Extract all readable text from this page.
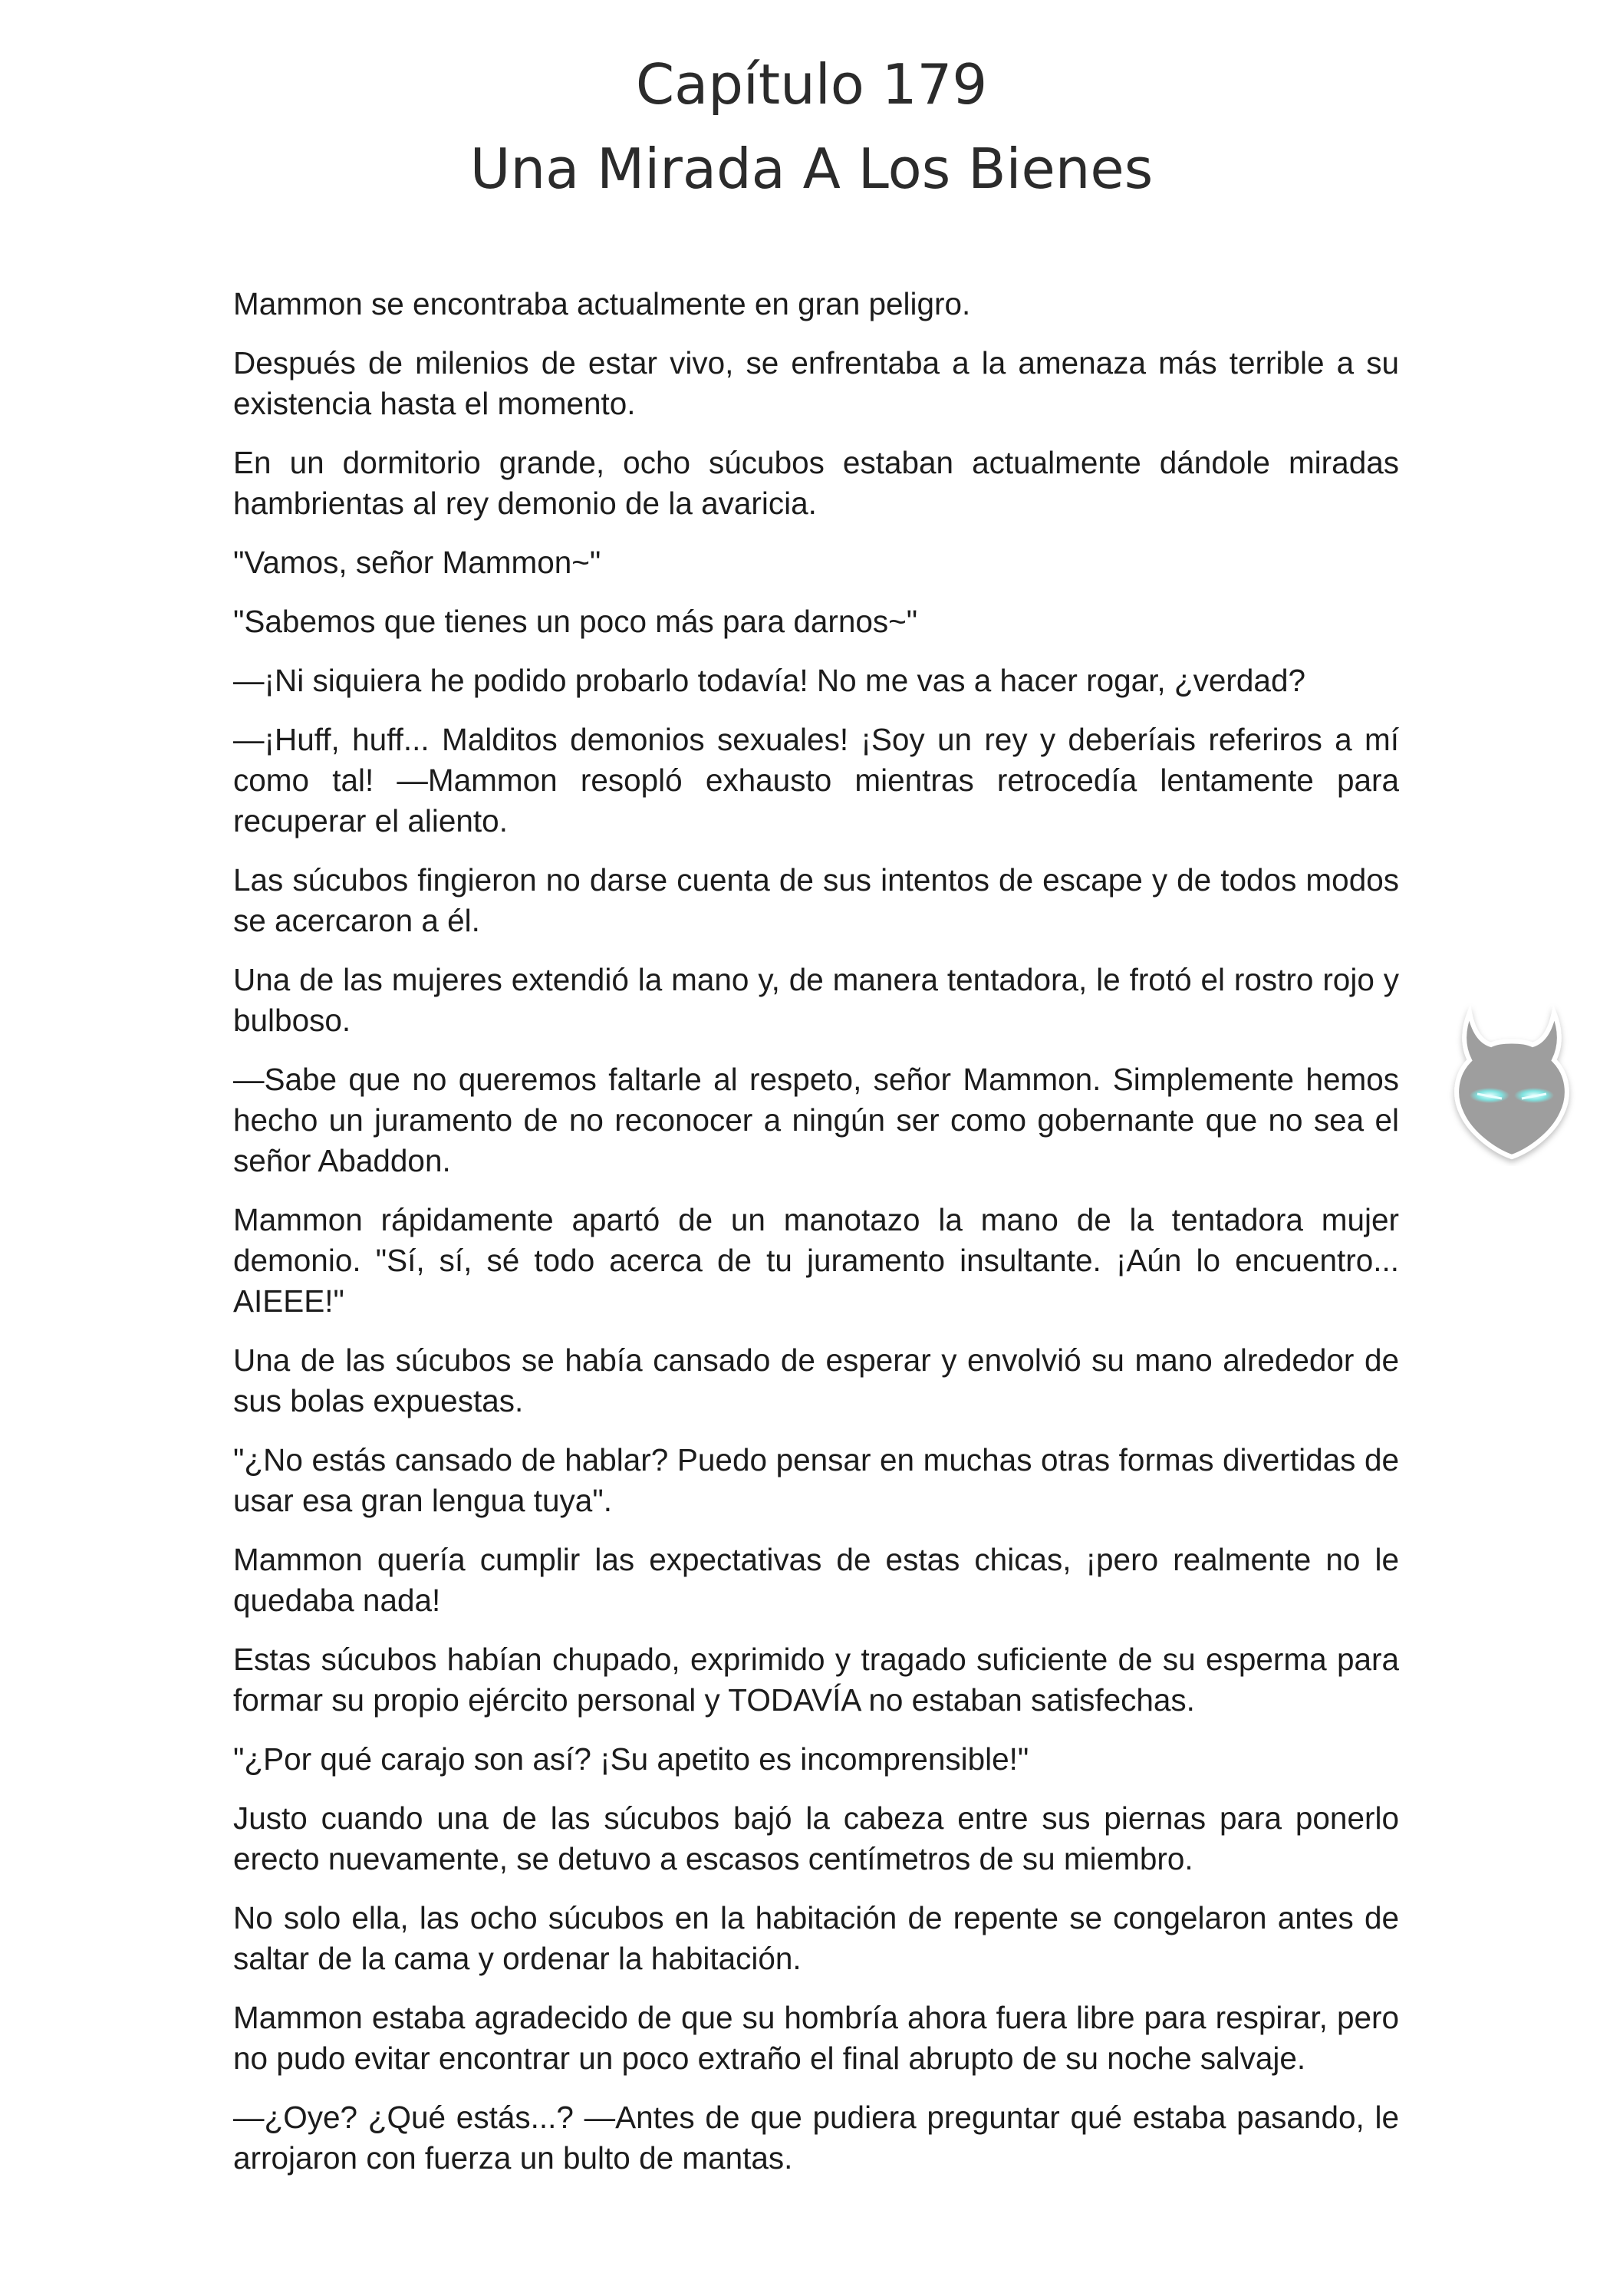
Capítulo 179
Una Mirada A Los Bienes

Mammon se encontraba actualmente en gran peligro.

Después de milenios de estar vivo, se enfrentaba a la amenaza más terrible a su existencia hasta el momento.

En un dormitorio grande, ocho súcubos estaban actualmente dándole miradas hambrientas al rey demonio de la avaricia.

"Vamos, señor Mammon~"

"Sabemos que tienes un poco más para darnos~"

—¡Ni siquiera he podido probarlo todavía! No me vas a hacer rogar, ¿verdad?

—¡Huff, huff... Malditos demonios sexuales! ¡Soy un rey y deberíais referiros a mí como tal! —Mammon resopló exhausto mientras retrocedía lentamente para recuperar el aliento.

Las súcubos fingieron no darse cuenta de sus intentos de escape y de todos modos se acercaron a él.

Una de las mujeres extendió la mano y, de manera tentadora, le frotó el rostro rojo y bulboso.

—Sabe que no queremos faltarle al respeto, señor Mammon. Simplemente hemos hecho un juramento de no reconocer a ningún ser como gobernante que no sea el señor Abaddon.

Mammon rápidamente apartó de un manotazo la mano de la tentadora mujer demonio. "Sí, sí, sé todo acerca de tu juramento insultante. ¡Aún lo encuentro... AIEEE!"

Una de las súcubos se había cansado de esperar y envolvió su mano alrededor de sus bolas expuestas.

"¿No estás cansado de hablar? Puedo pensar en muchas otras formas divertidas de usar esa gran lengua tuya".

Mammon quería cumplir las expectativas de estas chicas, ¡pero realmente no le quedaba nada!

Estas súcubos habían chupado, exprimido y tragado suficiente de su esperma para formar su propio ejército personal y TODAVÍA no estaban satisfechas.

"¿Por qué carajo son así? ¡Su apetito es incomprensible!"

Justo cuando una de las súcubos bajó la cabeza entre sus piernas para ponerlo erecto nuevamente, se detuvo a escasos centímetros de su miembro.

No solo ella, las ocho súcubos en la habitación de repente se congelaron antes de saltar de la cama y ordenar la habitación.

Mammon estaba agradecido de que su hombría ahora fuera libre para respirar, pero no pudo evitar encontrar un poco extraño el final abrupto de su noche salvaje.

—¿Oye? ¿Qué estás...? —Antes de que pudiera preguntar qué estaba pasando, le arrojaron con fuerza un bulto de mantas.
